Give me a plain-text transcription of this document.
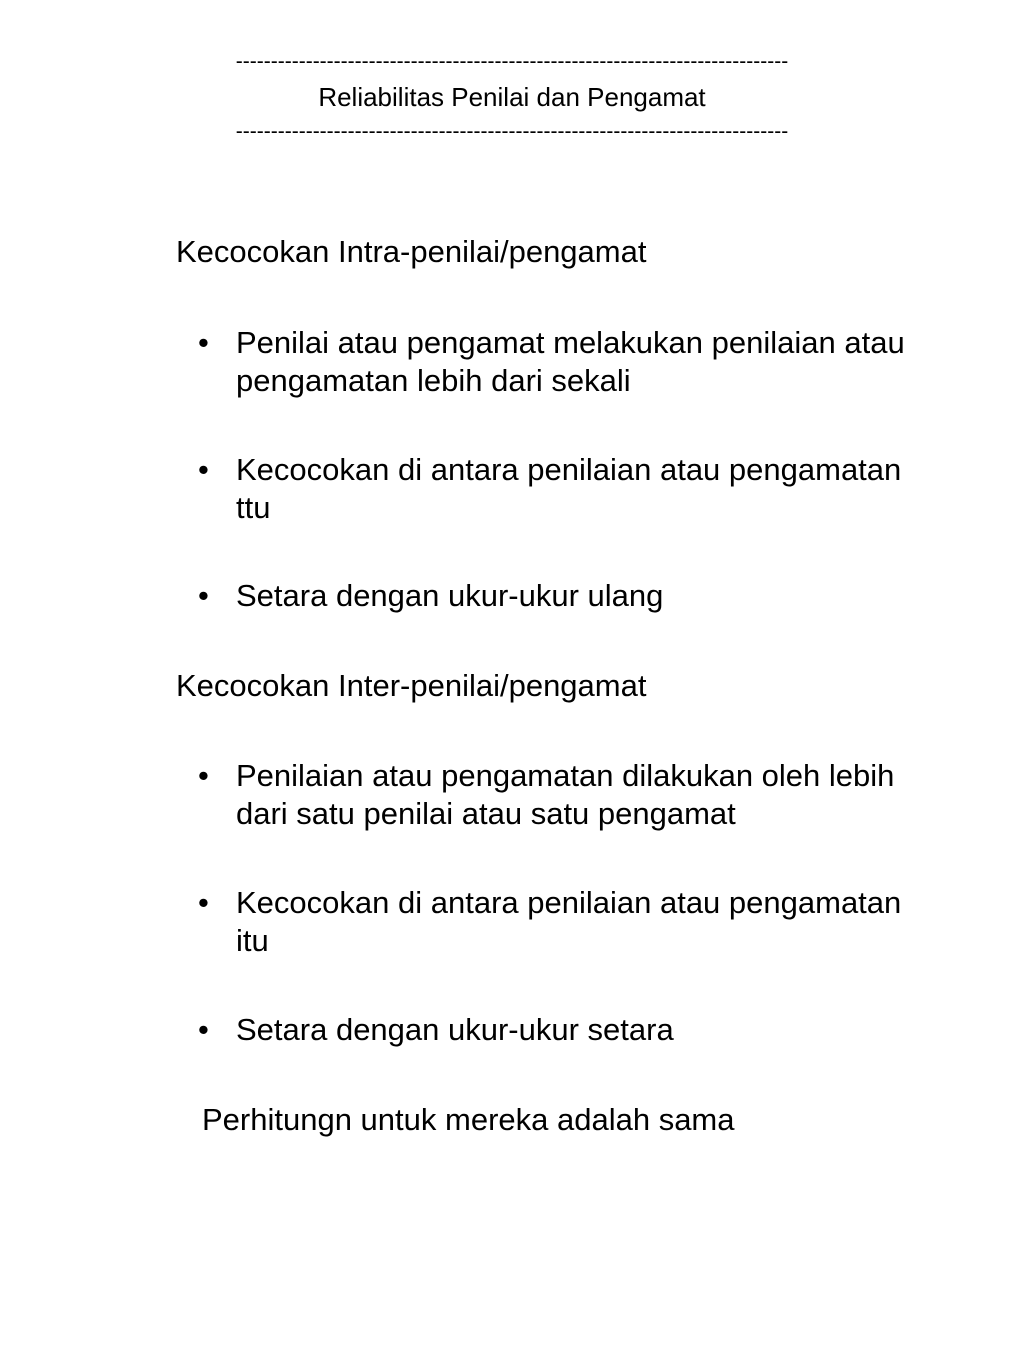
-------------------------------------------------------------------------------
Reliabilitas Penilai dan Pengamat
-------------------------------------------------------------------------------
Kecocokan Intra-penilai/pengamat
• Penilai atau pengamat melakukan penilaian atau pengamatan lebih dari sekali
• Kecocokan di antara penilaian atau pengamatan ttu
• Setara dengan ukur-ukur ulang
Kecocokan Inter-penilai/pengamat
• Penilaian atau pengamatan dilakukan oleh lebih dari satu penilai atau satu pengamat
• Kecocokan di antara penilaian atau pengamatan itu
• Setara dengan ukur-ukur setara
Perhitungn untuk mereka adalah sama
